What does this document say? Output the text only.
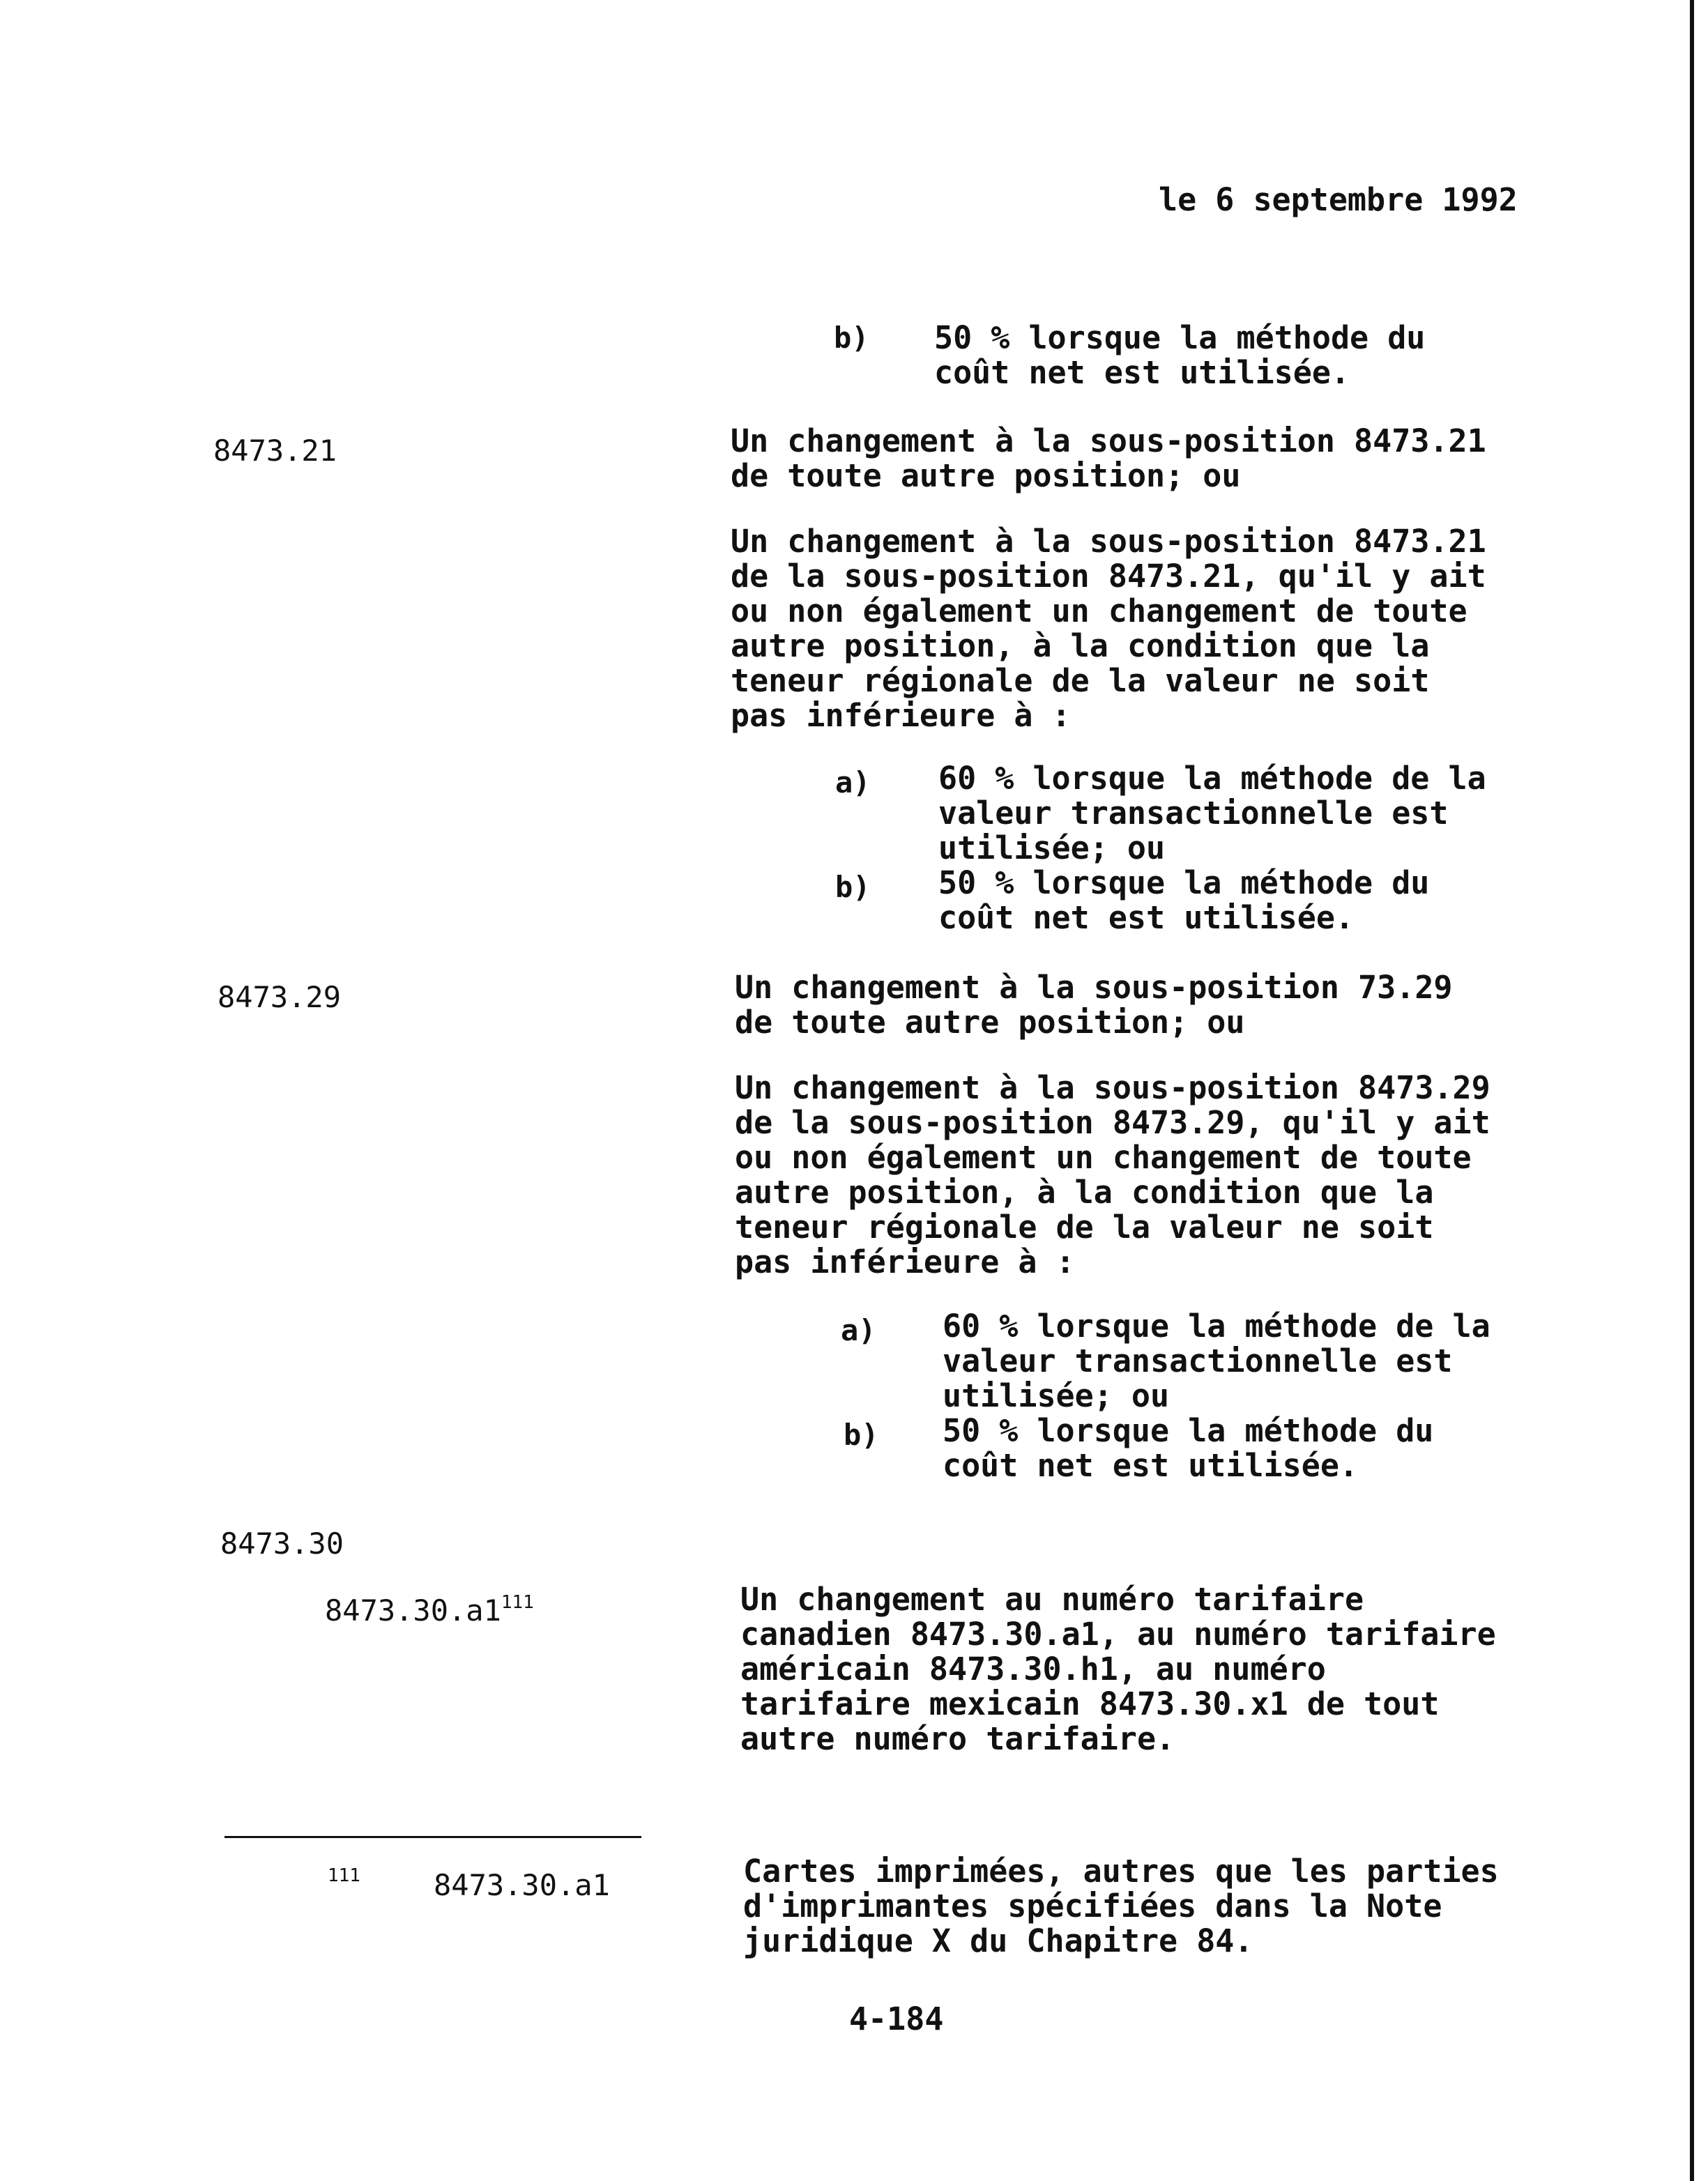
le 6 septembre 1992
b) 50 % lorsque la méthode du
coût net est utilisée.
8473.21	Un changement à la sous-position 8473.21
de toute autre position; ou
Un changement à la sous-position 8473.21
de la sous-position 8473.21, qu'il y ait
ou non également un changement de toute
autre position, à la condition que la
teneur régionale de la valeur ne soit
pas inférieure à :
a) 60 % lorsque la méthode de la
valeur transactionnelle est
utilisée; ou
b) 50 % lorsque la méthode du
coût net est utilisée.
8473.29	Un changement à la sous-position 73.29
de toute autre position; ou
Un changement à la sous-position 8473.29
de la sous-position 8473.29, qu'il y ait
ou non également un changement de toute
autre position, à la condition que la
teneur régionale de la valeur ne soit
pas inférieure à :
a) 60 % lorsque la méthode de la
valeur transactionnelle est
utilisée; ou
b) 50 % lorsque la méthode du
coût net est utilisée.
8473.30
$8473.30.a1^{111}$	Un changement au numéro tarifaire
canadien 8473.30.a1, au numéro tarifaire
américain 8473.30.h1, au numéro
tarifaire mexicain 8473.30.x1 de tout
autre numéro tarifaire.
111	8473.30.a1	Cartes imprimées, autres que les parties
d'imprimantes spécifiées dans la Note
juridique X du Chapitre 84.
4-184
